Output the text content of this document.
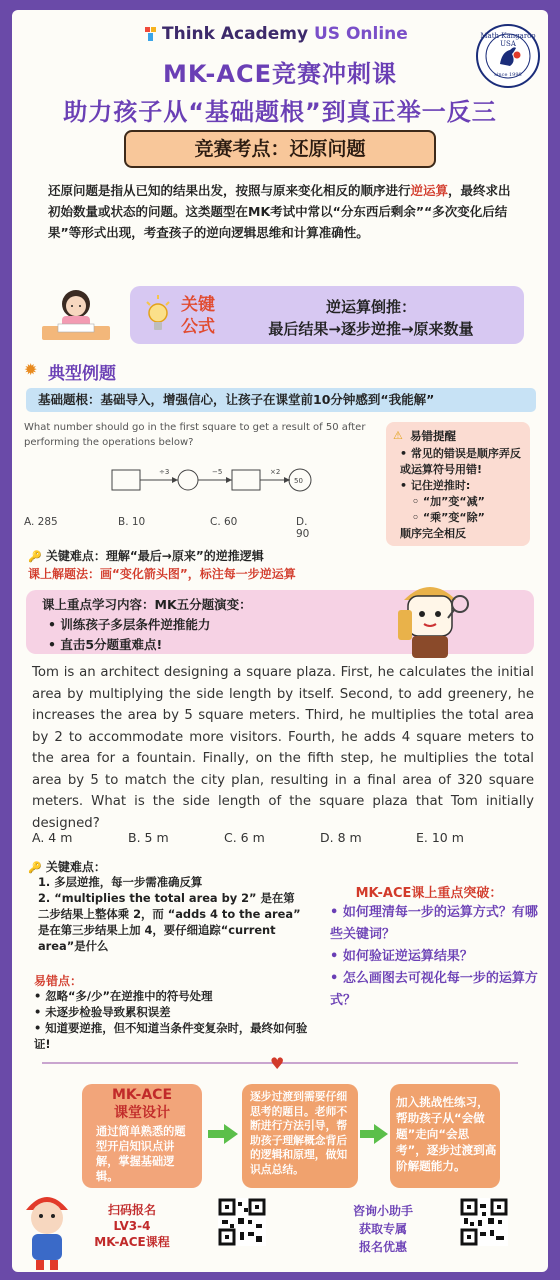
Think Academy US Online	Math Kangaroo USA
since 1998
MK-ACE竞赛冲刺课
助力孩子从“基础题根”到真正举一反三
竞赛考点：还原问题
还原问题是指从已知的结果出发，按照与原来变化相反的顺序进行逆运算，最终求出初始数量或状态的问题。这类题型在MK考试中常以“分东西后剩余”“多次变化后结果”等形式出现，考查孩子的逆向逻辑思维和计算准确性。
关键
公式
逆运算倒推：
最后结果→逐步逆推→原来数量
✹ 典型例题
基础题根：基础导入，增强信心，让孩子在课堂前10分钟感到“我能解”
What number should go in the first square to get a result of 50 after performing the operations below?
÷3	−5	×2
50
A. 285	B. 10	C. 60	D. 90
⚠ 易错提醒
• 常见的错误是顺序弄反或运算符号用错!
• 记住逆推时:
◦ “加”变“减”
◦ “乘”变“除”
顺序完全相反
🔑 关键难点：理解“最后→原来”的逆推逻辑
课上解题法：画“变化箭头图”，标注每一步逆运算
课上重点学习内容：MK五分题演变：
• 训练孩子多层条件逆推能力
• 直击5分题重难点!
Tom is an architect designing a square plaza. First, he calculates the initial area by multiplying the side length by itself. Second, to add greenery, he increases the area by 5 square meters. Third, he multiplies the total area by 2 to accommodate more visitors. Fourth, he adds 4 square meters to the area for a fountain. Finally, on the fifth step, he multiplies the total area by 5 to match the city plan, resulting in a final area of 320 square meters. What is the side length of the square plaza that Tom initially designed?
A. 4 m	B. 5 m	C. 6 m	D. 8 m	E. 10 m
🔑 关键难点：
1. 多层逆推，每一步需准确反算
2. “multiplies the total area by 2” 是在第二步结果上整体乘 2，而 “adds 4 to the area” 是在第三步结果上加 4，要仔细追踪“current area”是什么
易错点：
• 忽略“多/少”在逆推中的符号处理
• 未逐步检验导致累积误差
• 知道要逆推，但不知道当条件变复杂时，最终如何验证!
MK-ACE课上重点突破：
• 如何理清每一步的运算方式？有哪些关键词？
• 如何验证逆运算结果？
• 怎么画图去可视化每一步的运算方式？
♥
MK-ACE
课堂设计
通过简单熟悉的题型开启知识点讲解，掌握基础逻辑。
逐步过渡到需要仔细思考的题目。老师不断进行方法引导，帮助孩子理解概念背后的逻辑和原理，做知识点总结。
加入挑战性练习，帮助孩子从“会做题”走向“会思考”，逐步过渡到高阶解题能力。
扫码报名
LV3-4
MK-ACE课程
咨询小助手
获取专属
报名优惠
